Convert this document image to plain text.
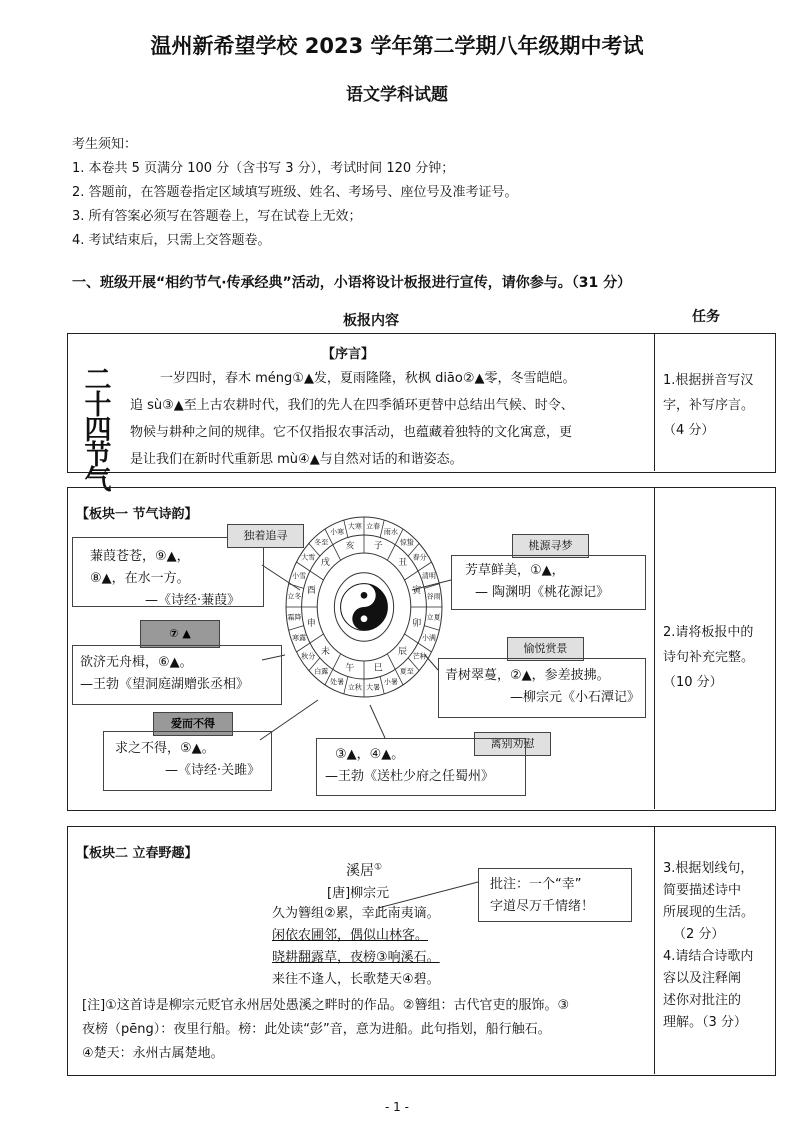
温州新希望学校 2023 学年第二学期八年级期中考试
语文学科试题
考生须知：
1. 本卷共 5 页满分 100 分（含书写 3 分），考试时间 120 分钟；
2. 答题前，在答题卷指定区域填写班级、姓名、考场号、座位号及准考证号。
3. 所有答案必须写在答题卷上，写在试卷上无效；
4. 考试结束后，只需上交答题卷。
一、班级开展“相约节气·传承经典”活动，小语将设计板报进行宣传，请你参与。（31 分）
板报内容	任务
二
十
四
节
气
【序言】
一岁四时，春木 méng①▲发，夏雨隆隆，秋枫 diāo②▲零，冬雪皑皑。
追 sù③▲至上古农耕时代，我们的先人在四季循环更替中总结出气候、时令、
物候与耕种之间的规律。它不仅指报农事活动，也蕴藏着独特的文化寓意，更
是让我们在新时代重新思 mù④▲与自然对话的和谐姿态。
1.根据拼音写汉
字，补写序言。
（4 分）
【板块一 节气诗韵】
立春
雨水
惊蛰
春分
清明
谷雨
立夏
小满
芒种
夏至
小暑
大暑
立秋
处暑
白露
秋分
寒露
霜降
立冬
小雪
大雪
冬至
小寒
大寒
子
丑
寅
卯
辰
巳
午
未
申
酉
戌
亥
蒹葭苍苍，⑨▲，
⑧▲，在水一方。
—《诗经·蒹葭》
独着追寻
⑦ ▲
欲济无舟楫，⑥▲。
—王勃《望洞庭湖赠张丞相》
爱而不得
求之不得，⑤▲。
—《诗经·关雎》
桃源寻梦
芳草鲜美，①▲，
— 陶渊明《桃花源记》
愉悦赏景
青树翠蔓，②▲，参差披拂。
—柳宗元《小石潭记》
离别劝慰
③▲，④▲。
—王勃《送杜少府之任蜀州》
2.请将板报中的
诗句补充完整。
（10 分）
【板块二 立春野趣】
溪居①
[唐]柳宗元
批注：一个“幸”
字道尽万千情绪！
久为簪组②累，幸此南夷谪。
闲依农圃邻，偶似山林客。
晓耕翻露草，夜榜③响溪石。
来往不逢人，长歌楚天④碧。
[注]①这首诗是柳宗元贬官永州居处愚溪之畔时的作品。②簪组：古代官吏的服饰。③
夜榜（pēng）：夜里行船。榜：此处读“彭”音，意为进船。此句指划，船行触石。
④楚天：永州古属楚地。
3.根据划线句，
简要描述诗中
所展现的生活。
（2 分）
4.请结合诗歌内
容以及注释阐
述你对批注的
理解。（3 分）
- 1 -
